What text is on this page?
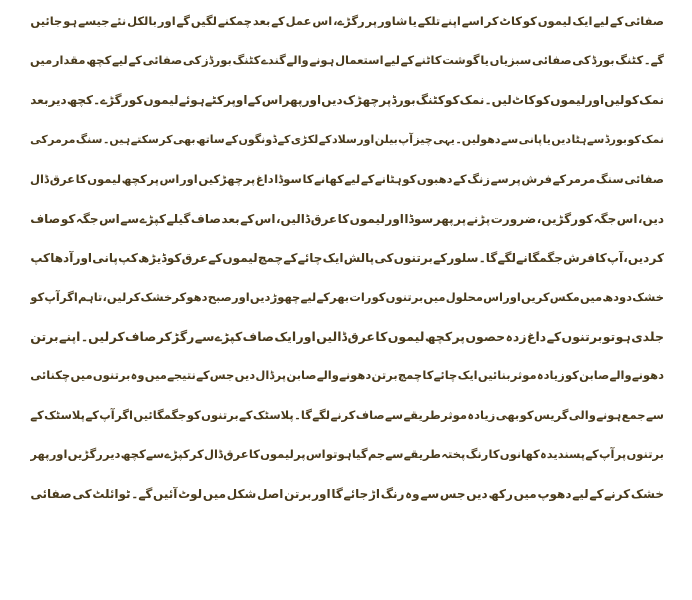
صفائی
کے
لیے
ایک
لیموں
کو
کاٹ
کر
اسے
اپنے
تلکے
یا
شاور
پر
رگڑے،
اس
عمل
کے
بعد
چمکنے
لگیں
گے
اور
بالکل
نئے
جیسے
ہو
جائیں
گے۔
کٹنگ
بورڈ
کی
صفائی
سبزیاں
یا
گوشت
کاٹنے
کے
لیے
استعمال
ہونے
والے
گندے
کٹنگ
بورڈز
کی
صفائی
کے
لیے
کچھ
مقدار
میں
نمک
کو
لیں
اور
لیموں
کو
کاٹ
لیں۔
نمک
کو
کٹنگ
بورڈ
پر
چھڑک
دیں
اور
پھر
اس
کے
اوپر
کٹے
ہوئے
لیموں
کو
رگڑے۔
کچھ
دیر
بعد
نمک
کو
بورڈ
سے
ہٹا
دیں
یا
پانی
سے
دھولیں۔
یہی
چیز
آپ
بیلن
اور
سلاد
کے
لکڑی
کے
ڈونگوں
کے
ساتھ
بھی
کر
سکتے
ہیں۔
سنگ
مرمر
کی
صفائی
سنگ
مرمر
کے
فرش
پر
سے
زنگ
کے
دھبوں
کو
ہٹانے
کے
لیے
کھانے
کا
سوڈا
داغ
پر
چھڑکیں
اور
اس
پر
کچھ
لیموں
کا
عرق
ڈال
دیں،
اس
جگہ
کو
رگڑیں،
ضرورت
پڑنے
پر
پھر
سوڈا
اور
لیموں
کا
عرق
ڈالیں،
اس
کے
بعد
صاف
گیلے
کپڑے
سے
اس
جگہ
کو
صاف
کر
دیں،
آپ
کا
فرش
جگمگانے
لگے
گا۔
سلور
کے
برتنوں
کی
پالش
ایک
چائے
کے
چمچ
لیموں
کے
عرق
کو
ڈیڑھ
کپ
پانی
اور
آدھا
کپ
خشک
دودھ
میں
مکس
کریں
اور
اس
محلول
میں
برتنوں
کو
رات
بھر
کے
لیے
چھوڑ
دیں
اور
صبح
دھو
کر
خشک
کر
لیں،
تاہم
اگر
آپ
کو
جلدی
ہو
تو
برتنوں
کے
داغ
زدہ
حصوں
پر
کچھ
لیموں
کا
عرق
ڈالیں
اور
ایک
صاف
کپڑے
سے
رگڑ
کر
صاف
کر
لیں۔
اپنے
برتن
دھونے
والے
صابن
کو
زیادہ
موثر
بنائیں
ایک
چائے
کا
چمچ
برتن
دھونے
والے
صابن
پر
ڈال
دیں
جس
کے
نتیجے
میں
وہ
برتنوں
میں
چکنائی
سے
جمع
ہونے
والی
گریس
کو
بھی
زیادہ
موثر
طریقے
سے
صاف
کرنے
لگے
گا۔
پلاسٹک
کے
برتنوں
کو
جگمگائیں
اگر
آپ
کے
پلاسٹک
کے
برتنوں
پر
آپ
کے
پسندیدہ
کھانوں
کا
رنگ
پختہ
طریقے
سے
جم
گیا
ہو
تو
اس
پر
لیموں
کا
عرق
ڈال
کر
کپڑے
سے
کچھ
دیر
رگڑیں
اور
پھر
خشک
کرنے
کے
لیے
دھوپ
میں
رکھ
دیں
جس
سے
وہ
رنگ
اڑ
جائے
گا
اور
برتن
اصل
شکل
میں
لوٹ
آئیں
گے۔
ٹوائلٹ
کی
صفائی
